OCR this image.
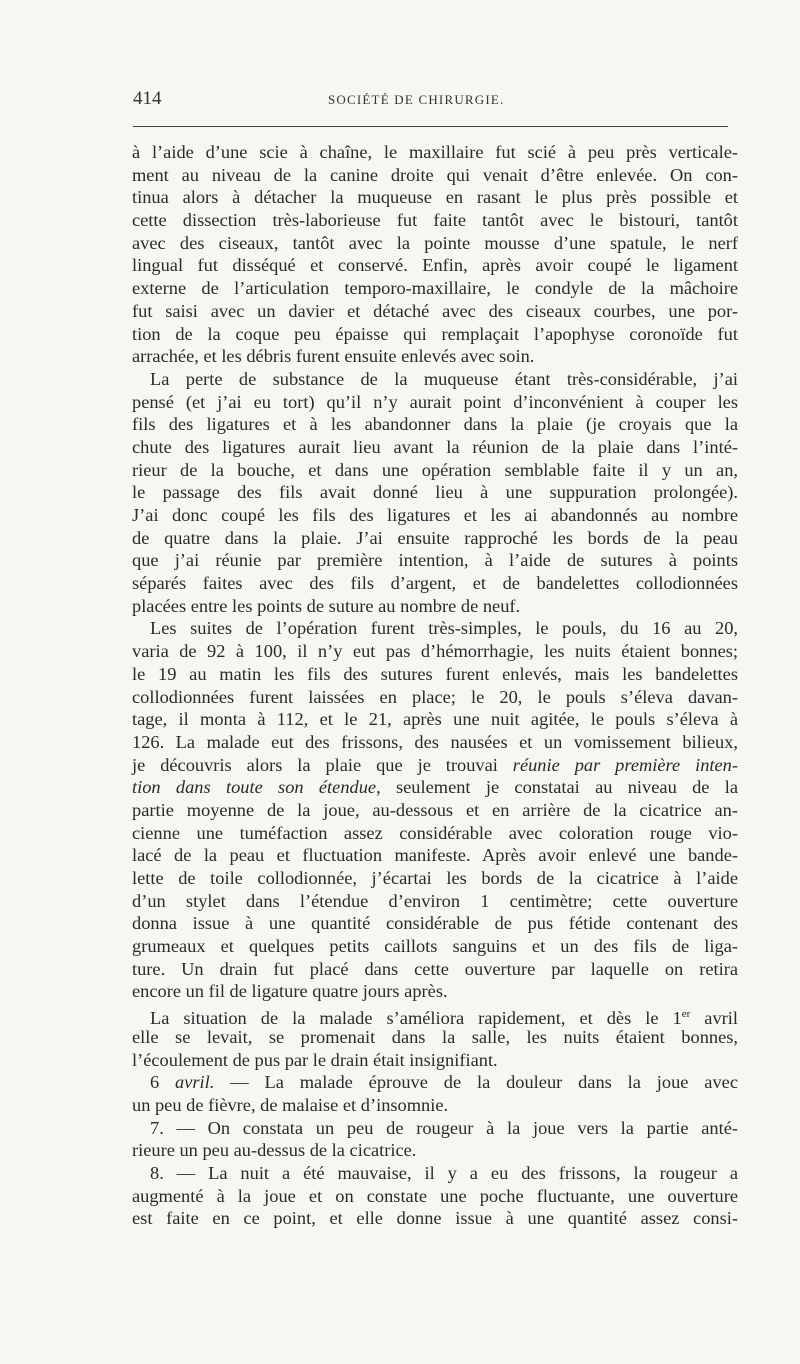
414	SOCIÉTÉ DE CHIRURGIE.
à l’aide d’une scie à chaîne, le maxillaire fut scié à peu près verticale-
ment au niveau de la canine droite qui venait d’être enlevée. On con-
tinua alors à détacher la muqueuse en rasant le plus près possible et
cette dissection très-laborieuse fut faite tantôt avec le bistouri, tantôt
avec des ciseaux, tantôt avec la pointe mousse d’une spatule, le nerf
lingual fut disséqué et conservé. Enfin, après avoir coupé le ligament
externe de l’articulation temporo-maxillaire, le condyle de la mâchoire
fut saisi avec un davier et détaché avec des ciseaux courbes, une por-
tion de la coque peu épaisse qui remplaçait l’apophyse coronoïde fut
arrachée, et les débris furent ensuite enlevés avec soin.
La perte de substance de la muqueuse étant très-considérable, j’ai
pensé (et j’ai eu tort) qu’il n’y aurait point d’inconvénient à couper les
fils des ligatures et à les abandonner dans la plaie (je croyais que la
chute des ligatures aurait lieu avant la réunion de la plaie dans l’inté-
rieur de la bouche, et dans une opération semblable faite il y un an,
le passage des fils avait donné lieu à une suppuration prolongée).
J’ai donc coupé les fils des ligatures et les ai abandonnés au nombre
de quatre dans la plaie. J’ai ensuite rapproché les bords de la peau
que j’ai réunie par première intention, à l’aide de sutures à points
séparés faites avec des fils d’argent, et de bandelettes collodionnées
placées entre les points de suture au nombre de neuf.
Les suites de l’opération furent très-simples, le pouls, du 16 au 20,
varia de 92 à 100, il n’y eut pas d’hémorrhagie, les nuits étaient bonnes;
le 19 au matin les fils des sutures furent enlevés, mais les bandelettes
collodionnées furent laissées en place; le 20, le pouls s’éleva davan-
tage, il monta à 112, et le 21, après une nuit agitée, le pouls s’éleva à
126. La malade eut des frissons, des nausées et un vomissement bilieux,
je découvris alors la plaie que je trouvai réunie par première inten-
tion dans toute son étendue, seulement je constatai au niveau de la
partie moyenne de la joue, au-dessous et en arrière de la cicatrice an-
cienne une tuméfaction assez considérable avec coloration rouge vio-
lacé de la peau et fluctuation manifeste. Après avoir enlevé une bande-
lette de toile collodionnée, j’écartai les bords de la cicatrice à l’aide
d’un stylet dans l’étendue d’environ 1 centimètre; cette ouverture
donna issue à une quantité considérable de pus fétide contenant des
grumeaux et quelques petits caillots sanguins et un des fils de liga-
ture. Un drain fut placé dans cette ouverture par laquelle on retira
encore un fil de ligature quatre jours après.
La situation de la malade s’améliora rapidement, et dès le 1er avril
elle se levait, se promenait dans la salle, les nuits étaient bonnes,
l’écoulement de pus par le drain était insignifiant.
6 avril. — La malade éprouve de la douleur dans la joue avec
un peu de fièvre, de malaise et d’insomnie.
7. — On constata un peu de rougeur à la joue vers la partie anté-
rieure un peu au-dessus de la cicatrice.
8. — La nuit a été mauvaise, il y a eu des frissons, la rougeur a
augmenté à la joue et on constate une poche fluctuante, une ouverture
est faite en ce point, et elle donne issue à une quantité assez consi-
